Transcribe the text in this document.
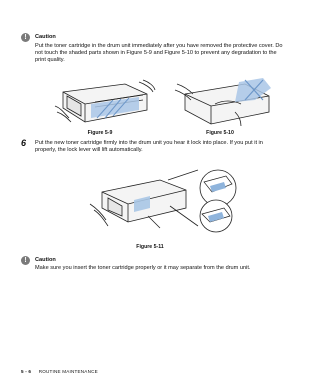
!	Caution
Put the toner cartridge in the drum unit immediately after you have removed the protective cover. Do not touch the shaded parts shown in Figure 5-9 and Figure 5-10 to prevent any degradation to the print quality.
Figure 5-9	Figure 5-10
6 Put the new toner cartridge firmly into the drum unit you hear it lock into place. If you put it in properly, the lock lever will lift automatically.
Figure 5-11
!	Caution
Make sure you insert the toner cartridge properly or it may separate from the drum unit.
5 - 6 ROUTINE MAINTENANCE
